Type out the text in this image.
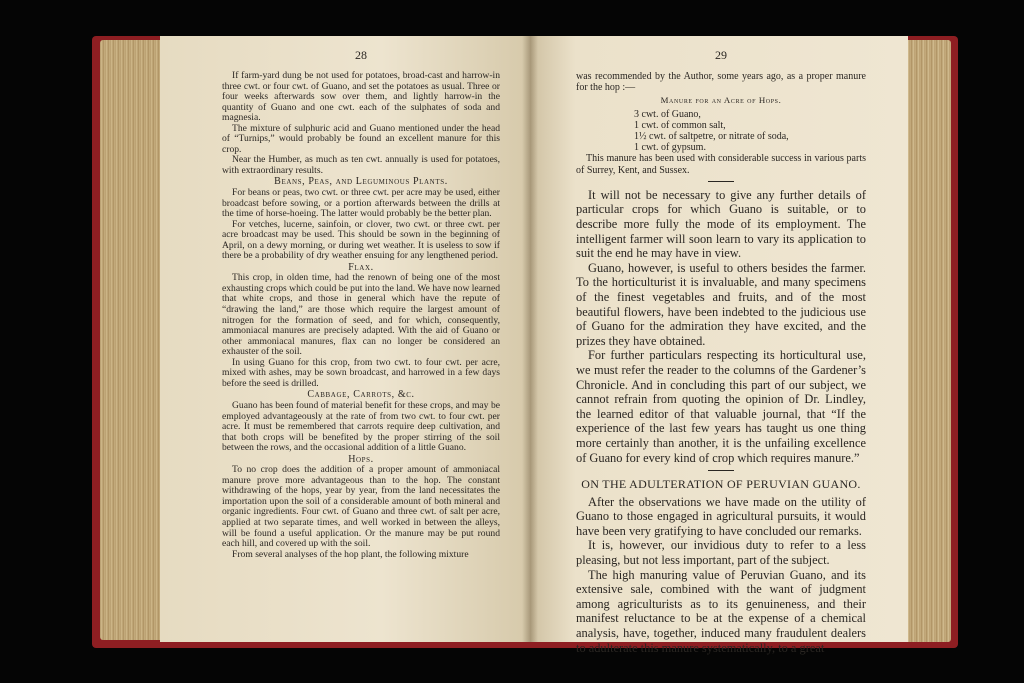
28

If farm-yard dung be not used for potatoes, broad-cast and harrow-in three cwt. or four cwt. of Guano, and set the potatoes as usual. Three or four weeks afterwards sow over them, and lightly harrow-in the quantity of Guano and one cwt. each of the sulphates of soda and magnesia.

The mixture of sulphuric acid and Guano mentioned under the head of “Turnips,” would probably be found an excellent manure for this crop.

Near the Humber, as much as ten cwt. annually is used for potatoes, with extraordinary results.

Beans, Peas, and Leguminous Plants.

For beans or peas, two cwt. or three cwt. per acre may be used, either broadcast before sowing, or a portion afterwards between the drills at the time of horse-hoeing. The latter would probably be the better plan.

For vetches, lucerne, sainfoin, or clover, two cwt. or three cwt. per acre broadcast may be used. This should be sown in the beginning of April, on a dewy morning, or during wet weather. It is useless to sow if there be a probability of dry weather ensuing for any lengthened period.

Flax.

This crop, in olden time, had the renown of being one of the most exhausting crops which could be put into the land. We have now learned that white crops, and those in general which have the repute of “drawing the land,” are those which require the largest amount of nitrogen for the formation of seed, and for which, consequently, ammoniacal manures are precisely adapted. With the aid of Guano or other ammoniacal manures, flax can no longer be considered an exhauster of the soil.

In using Guano for this crop, from two cwt. to four cwt. per acre, mixed with ashes, may be sown broadcast, and harrowed in a few days before the seed is drilled.

Cabbage, Carrots, &c.

Guano has been found of material benefit for these crops, and may be employed advantageously at the rate of from two cwt. to four cwt. per acre. It must be remembered that carrots require deep cultivation, and that both crops will be benefited by the proper stirring of the soil between the rows, and the occasional addition of a little Guano.

Hops.

To no crop does the addition of a proper amount of ammoniacal manure prove more advantageous than to the hop. The constant withdrawing of the hops, year by year, from the land necessitates the importation upon the soil of a considerable amount of both mineral and organic ingredients. Four cwt. of Guano and three cwt. of salt per acre, applied at two separate times, and well worked in between the alleys, will be found a useful application. Or the manure may be put round each hill, and covered up with the soil.

From several analyses of the hop plant, the following mixture

29

was recommended by the Author, some years ago, as a proper manure for the hop :—

Manure for an Acre of Hops.

3 cwt. of Guano,

1 cwt. of common salt,

1½ cwt. of saltpetre, or nitrate of soda,

1 cwt. of gypsum.

This manure has been used with considerable success in various parts of Surrey, Kent, and Sussex.

It will not be necessary to give any further details of particular crops for which Guano is suitable, or to describe more fully the mode of its employment. The intelligent farmer will soon learn to vary its application to suit the end he may have in view.

Guano, however, is useful to others besides the farmer. To the horticulturist it is invaluable, and many specimens of the finest vegetables and fruits, and of the most beautiful flowers, have been indebted to the judicious use of Guano for the admiration they have excited, and the prizes they have obtained.

For further particulars respecting its horticultural use, we must refer the reader to the columns of the Gardener’s Chronicle. And in concluding this part of our subject, we cannot refrain from quoting the opinion of Dr. Lindley, the learned editor of that valuable journal, that “If the experience of the last few years has taught us one thing more certainly than another, it is the unfailing excellence of Guano for every kind of crop which requires manure.”

ON THE ADULTERATION OF PERUVIAN GUANO.

After the observations we have made on the utility of Guano to those engaged in agricultural pursuits, it would have been very gratifying to have concluded our remarks.

It is, however, our invidious duty to refer to a less pleasing, but not less important, part of the subject.

The high manuring value of Peruvian Guano, and its extensive sale, combined with the want of judgment among agriculturists as to its genuineness, and their manifest reluctance to be at the expense of a chemical analysis, have, together, induced many fraudulent dealers to adulterate this manure systematically, to a great
